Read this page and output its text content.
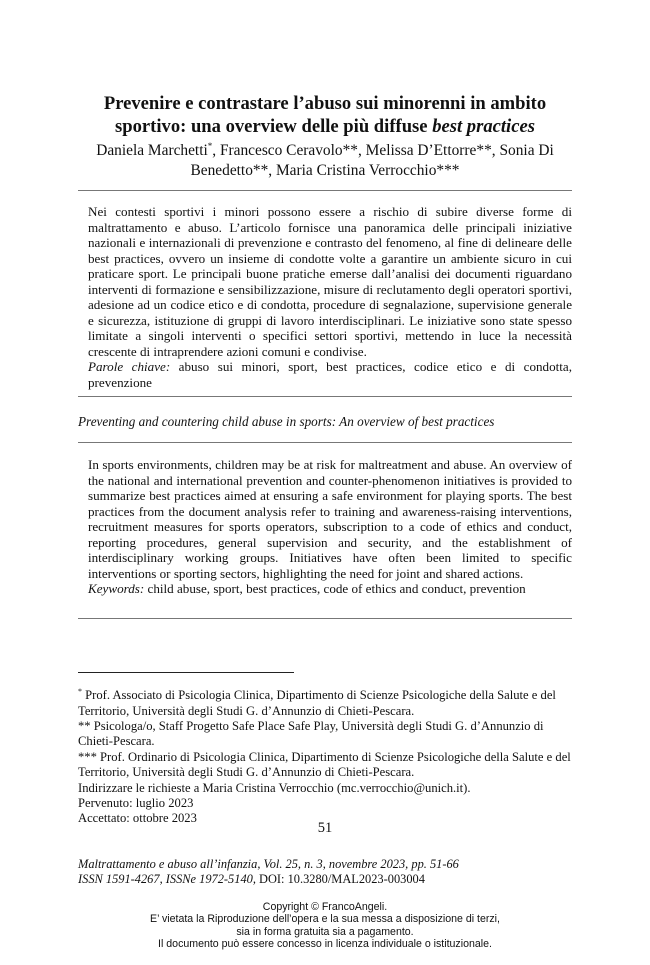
Prevenire e contrastare l’abuso sui minorenni in ambito
sportivo: una overview delle più diffuse best practices
Daniela Marchetti*, Francesco Ceravolo**, Melissa D’Ettorre**, Sonia Di Benedetto**, Maria Cristina Verrocchio***

Nei contesti sportivi i minori possono essere a rischio di subire diverse forme di maltrattamento e abuso. L’articolo fornisce una panoramica delle principali iniziative nazionali e internazionali di prevenzione e contrasto del fenomeno, al fine di delineare delle best practices, ovvero un insieme di condotte volte a garantire un ambiente sicuro in cui praticare sport. Le principali buone pratiche emerse dall’analisi dei documenti riguardano interventi di formazione e sensibilizzazione, misure di reclutamento degli operatori sportivi, adesione ad un codice etico e di condotta, procedure di segnalazione, supervisione generale e sicurezza, istituzione di gruppi di lavoro interdisciplinari. Le iniziative sono state spesso limitate a singoli interventi o specifici settori sportivi, mettendo in luce la necessità crescente di intraprendere azioni comuni e condivise.

Parole chiave: abuso sui minori, sport, best practices, codice etico e di condotta, prevenzione

Preventing and countering child abuse in sports: An overview of best practices

In sports environments, children may be at risk for maltreatment and abuse. An overview of the national and international prevention and counter-phenomenon initiatives is provided to summarize best practices aimed at ensuring a safe environment for playing sports. The best practices from the document analysis refer to training and awareness-raising interventions, recruitment measures for sports operators, subscription to a code of ethics and conduct, reporting procedures, general supervision and security, and the establishment of interdisciplinary working groups. Initiatives have often been limited to specific interventions or sporting sectors, highlighting the need for joint and shared actions.

Keywords: child abuse, sport, best practices, code of ethics and conduct, prevention

* Prof. Associato di Psicologia Clinica, Dipartimento di Scienze Psicologiche della Salute e del Territorio, Università degli Studi G. d’Annunzio di Chieti-Pescara.

** Psicologa/o, Staff Progetto Safe Place Safe Play, Università degli Studi G. d’Annunzio di Chieti-Pescara.

*** Prof. Ordinario di Psicologia Clinica, Dipartimento di Scienze Psicologiche della Salute e del Territorio, Università degli Studi G. d’Annunzio di Chieti-Pescara.

Indirizzare le richieste a Maria Cristina Verrocchio (mc.verrocchio@unich.it).

Pervenuto: luglio 2023

Accettato: ottobre 2023

51
Maltrattamento e abuso all’infanzia, Vol. 25, n. 3, novembre 2023, pp. 51-66
ISSN 1591-4267, ISSNe 1972-5140, DOI: 10.3280/MAL2023-003004
Copyright © FrancoAngeli.
E’ vietata la Riproduzione dell’opera e la sua messa a disposizione di terzi,
sia in forma gratuita sia a pagamento.
Il documento può essere concesso in licenza individuale o istituzionale.
